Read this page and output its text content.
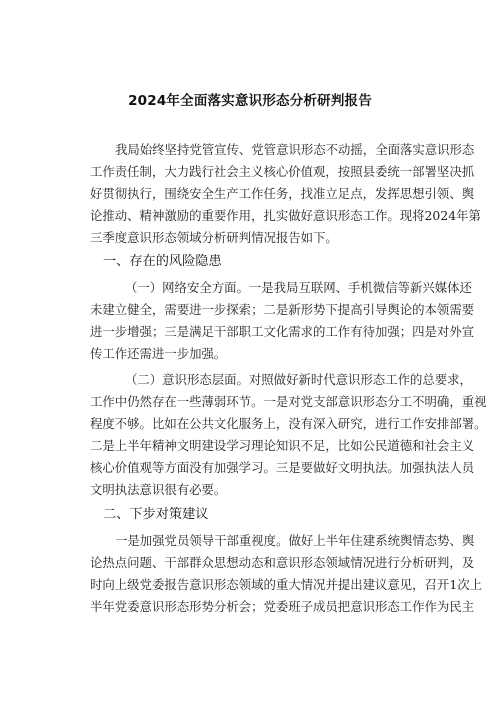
2024年全面落实意识形态分析研判报告
我局始终坚持党管宣传、党管意识形态不动摇，全面落实意识形态
工作责任制，大力践行社会主义核心价值观，按照县委统一部署坚决抓
好贯彻执行，围绕安全生产工作任务，找准立足点，发挥思想引领、舆
论推动、精神激励的重要作用，扎实做好意识形态工作。现将2024年第
三季度意识形态领域分析研判情况报告如下。
一、存在的风险隐患
（一）网络安全方面。一是我局互联网、手机微信等新兴媒体还
未建立健全，需要进一步探索；二是新形势下提高引导舆论的本领需要
进一步增强；三是满足干部职工文化需求的工作有待加强；四是对外宣
传工作还需进一步加强。
（二）意识形态层面。对照做好新时代意识形态工作的总要求，
工作中仍然存在一些薄弱环节。一是对党支部意识形态分工不明确，重视
程度不够。比如在公共文化服务上，没有深入研究，进行工作安排部署。
二是上半年精神文明建设学习理论知识不足，比如公民道德和社会主义
核心价值观等方面没有加强学习。三是要做好文明执法。加强执法人员
文明执法意识很有必要。
二、下步对策建议
一是加强党员领导干部重视度。做好上半年住建系统舆情态势、舆
论热点问题、干部群众思想动态和意识形态领域情况进行分析研判，及
时向上级党委报告意识形态领域的重大情况并提出建议意见，召开1次上
半年党委意识形态形势分析会；党委班子成员把意识形态工作作为民主
